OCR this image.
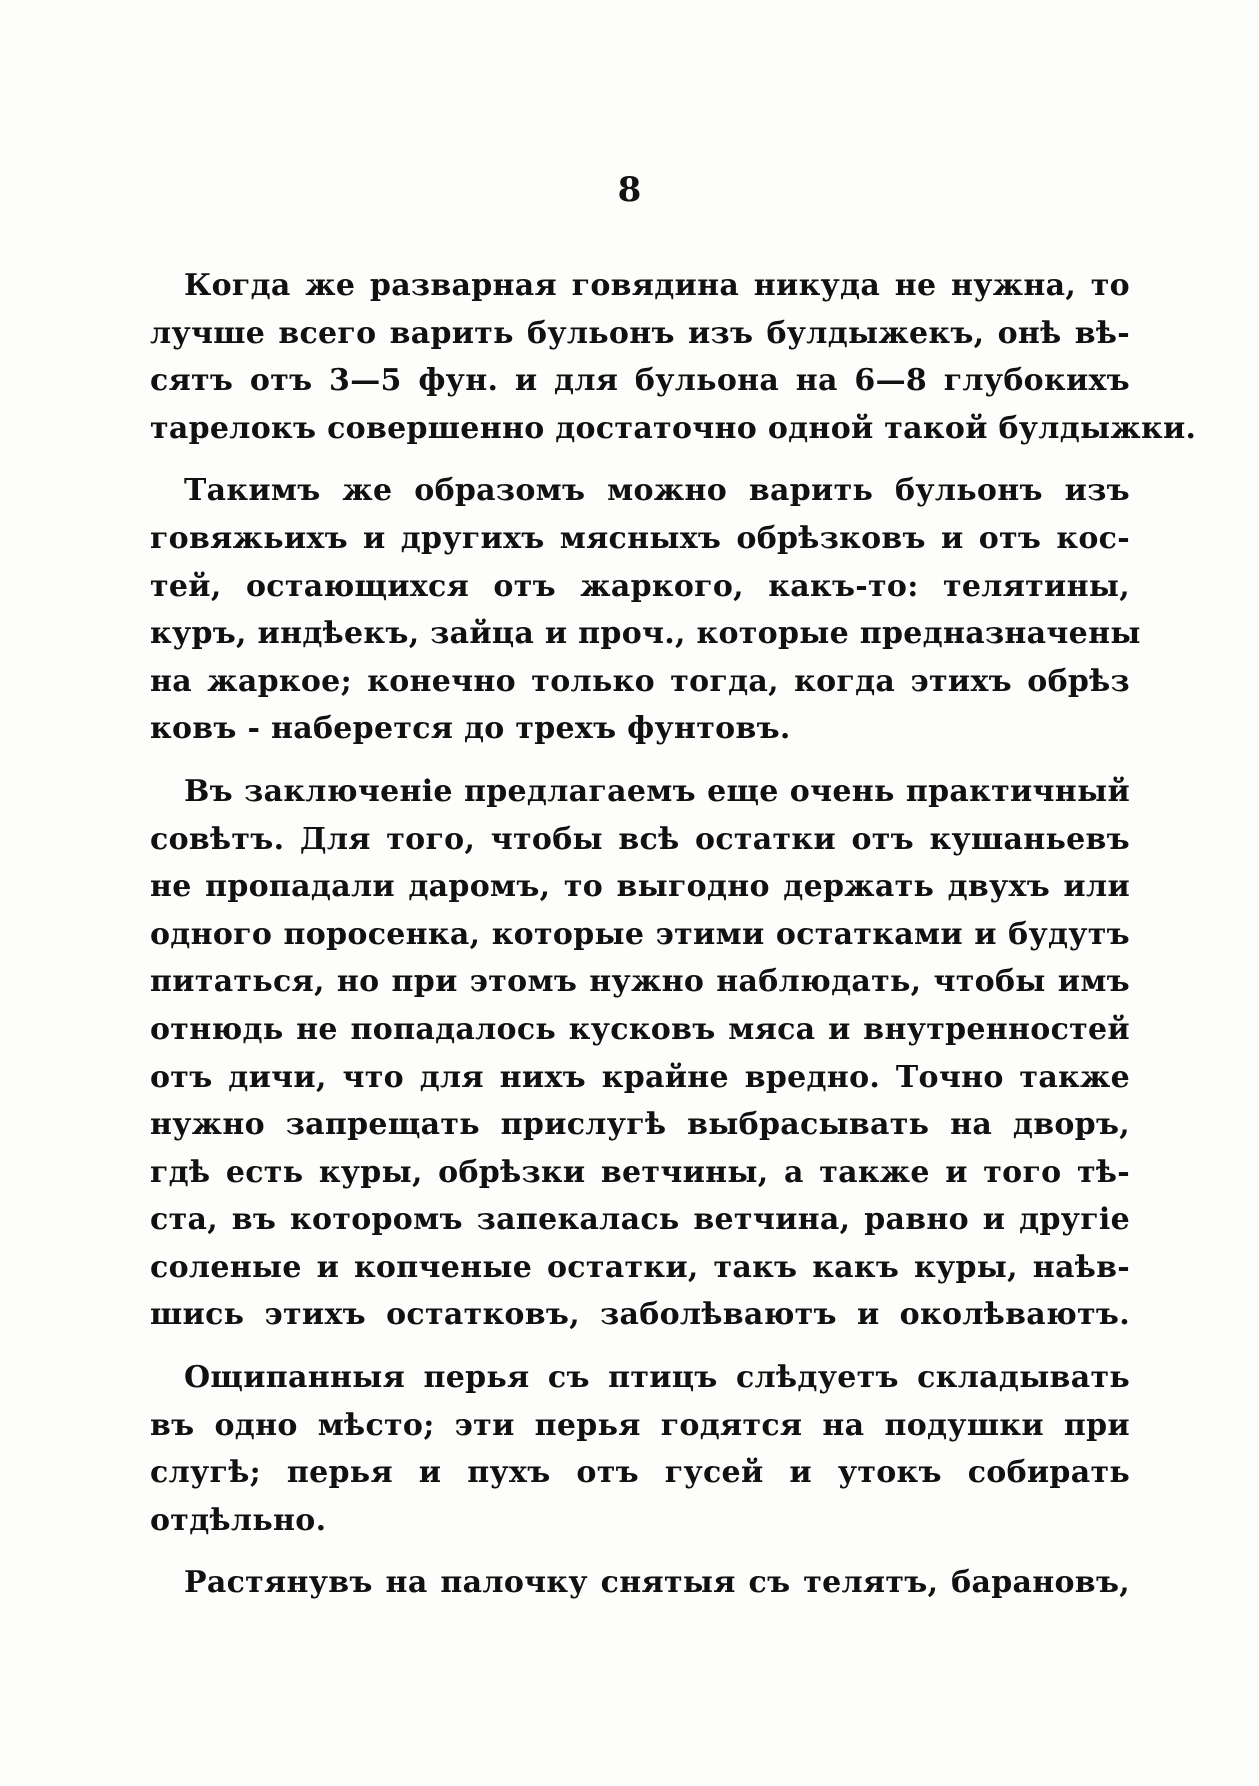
8
Когда же разварная говядина никуда не нужна, то
лучше всего варить бульонъ изъ булдыжекъ, онѣ вѣ-
сятъ отъ 3—5 фун. и для бульона на 6—8 глубокихъ
тарелокъ совершенно достаточно одной такой булдыжки.
Такимъ же образомъ можно варить бульонъ изъ
говяжьихъ и другихъ мясныхъ обрѣзковъ и отъ кос-
тей, остающихся отъ жаркого, какъ-то: телятины,
куръ, индѣекъ, зайца и проч., которые предназначены
на жаркое; конечно только тогда, когда этихъ обрѣз
ковъ - наберется до трехъ фунтовъ.
Въ заключеніе предлагаемъ еще очень практичный
совѣтъ. Для того, чтобы всѣ остатки отъ кушаньевъ
не пропадали даромъ, то выгодно держать двухъ или
одного поросенка, которые этими остатками и будутъ
питаться, но при этомъ нужно наблюдать, чтобы имъ
отнюдь не попадалось кусковъ мяса и внутренностей
отъ дичи, что для нихъ крайне вредно. Точно также
нужно запрещать прислугѣ выбрасывать на дворъ,
гдѣ есть куры, обрѣзки ветчины, а также и того тѣ-
ста, въ которомъ запекалась ветчина, равно и другіе
соленые и копченые остатки, такъ какъ куры, наѣв-
шись этихъ остатковъ, заболѣваютъ и околѣваютъ.
Ощипанныя перья съ птицъ слѣдуетъ складывать
въ одно мѣсто; эти перья годятся на подушки при
слугѣ; перья и пухъ отъ гусей и утокъ собирать
отдѣльно.
Растянувъ на палочку снятыя съ телятъ, барановъ,
